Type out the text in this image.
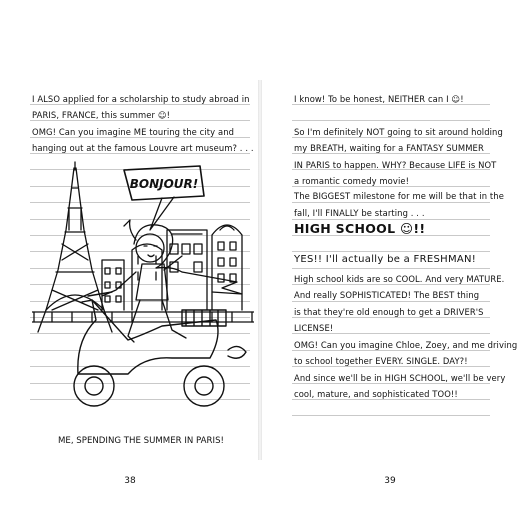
I ALSO applied for a scholarship to study abroad in
PARIS, FRANCE, this summer ☺!
OMG! Can you imagine ME touring the city and
hanging out at the famous Louvre art museum? . . .
BONJOUR!
ME, SPENDING THE SUMMER IN PARIS!
38
I know! To be honest, NEITHER can I ☺!
So I'm definitely NOT going to sit around holding
my BREATH, waiting for a FANTASY SUMMER
IN PARIS to happen. WHY? Because LIFE is NOT
a romantic comedy movie!
The BIGGEST milestone for me will be that in the
fall, I'll FINALLY be starting . . .
HIGH SCHOOL ☺!!
YES!! I'll actually be a FRESHMAN!
High school kids are so COOL. And very MATURE.
And really SOPHISTICATED! The BEST thing
is that they're old enough to get a DRIVER'S
LICENSE!
OMG! Can you imagine Chloe, Zoey, and me driving
to school together EVERY. SINGLE. DAY?!
And since we'll be in HIGH SCHOOL, we'll be very
cool, mature, and sophisticated TOO!!
39
